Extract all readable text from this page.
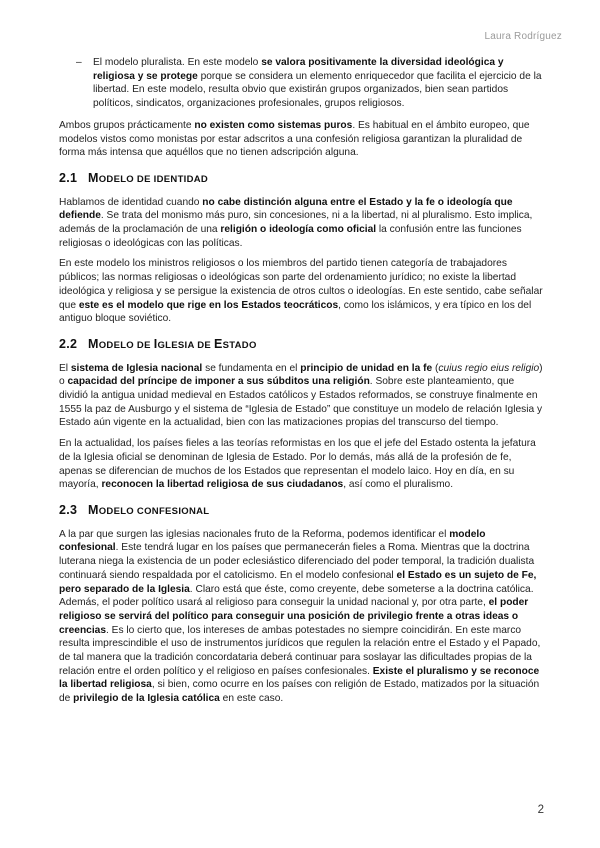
Laura Rodríguez
–	El modelo pluralista. En este modelo se valora positivamente la diversidad ideológica y religiosa y se protege porque se considera un elemento enriquecedor que facilita el ejercicio de la libertad. En este modelo, resulta obvio que existirán grupos organizados, bien sean partidos políticos, sindicatos, organizaciones profesionales, grupos religiosos.

Ambos grupos prácticamente no existen como sistemas puros. Es habitual en el ámbito europeo, que modelos vistos como monistas por estar adscritos a una confesión religiosa garantizan la pluralidad de forma más intensa que aquéllos que no tienen adscripción alguna.

2.1 MODELO DE IDENTIDAD

Hablamos de identidad cuando no cabe distinción alguna entre el Estado y la fe o ideología que defiende. Se trata del monismo más puro, sin concesiones, ni a la libertad, ni al pluralismo. Esto implica, además de la proclamación de una religión o ideología como oficial la confusión entre las funciones religiosas o ideológicas con las políticas.

En este modelo los ministros religiosos o los miembros del partido tienen categoría de trabajadores públicos; las normas religiosas o ideológicas son parte del ordenamiento jurídico; no existe la libertad ideológica y religiosa y se persigue la existencia de otros cultos o ideologías. En este sentido, cabe señalar que este es el modelo que rige en los Estados teocráticos, como los islámicos, y era típico en los del antiguo bloque soviético.

2.2 MODELO DE IGLESIA DE ESTADO

El sistema de Iglesia nacional se fundamenta en el principio de unidad en la fe (cuius regio eius religio) o capacidad del príncipe de imponer a sus súbditos una religión. Sobre este planteamiento, que dividió la antigua unidad medieval en Estados católicos y Estados reformados, se construye finalmente en 1555 la paz de Ausburgo y el sistema de “Iglesia de Estado” que constituye un modelo de relación Iglesia y Estado aún vigente en la actualidad, bien con las matizaciones propias del transcurso del tiempo.

En la actualidad, los países fieles a las teorías reformistas en los que el jefe del Estado ostenta la jefatura de la Iglesia oficial se denominan de Iglesia de Estado. Por lo demás, más allá de la profesión de fe, apenas se diferencian de muchos de los Estados que representan el modelo laico. Hoy en día, en su mayoría, reconocen la libertad religiosa de sus ciudadanos, así como el pluralismo.

2.3 MODELO CONFESIONAL

A la par que surgen las iglesias nacionales fruto de la Reforma, podemos identificar el modelo confesional. Este tendrá lugar en los países que permanecerán fieles a Roma. Mientras que la doctrina luterana niega la existencia de un poder eclesiástico diferenciado del poder temporal, la tradición dualista continuará siendo respaldada por el catolicismo. En el modelo confesional el Estado es un sujeto de Fe, pero separado de la Iglesia. Claro está que éste, como creyente, debe someterse a la doctrina católica. Además, el poder político usará al religioso para conseguir la unidad nacional y, por otra parte, el poder religioso se servirá del político para conseguir una posición de privilegio frente a otras ideas o creencias. Es lo cierto que, los intereses de ambas potestades no siempre coincidirán. En este marco resulta imprescindible el uso de instrumentos jurídicos que regulen la relación entre el Estado y el Papado, de tal manera que la tradición concordataria deberá continuar para soslayar las dificultades propias de la relación entre el orden político y el religioso en países confesionales. Existe el pluralismo y se reconoce la libertad religiosa, si bien, como ocurre en los países con religión de Estado, matizados por la situación de privilegio de la Iglesia católica en este caso.

2
